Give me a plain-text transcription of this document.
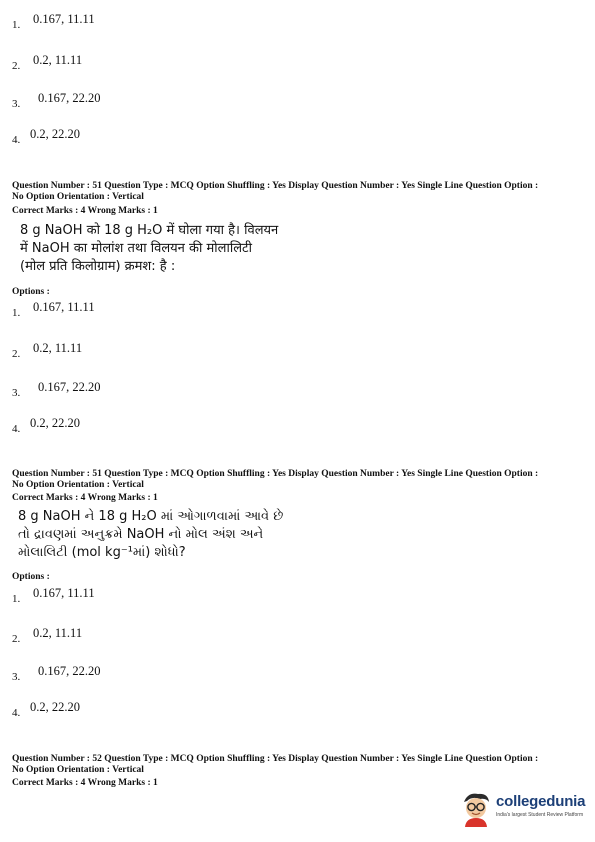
1. 0.167, 11.11
2. 0.2, 11.11
3. 0.167, 22.20
4. 0.2, 22.20
Question Number : 51 Question Type : MCQ Option Shuffling : Yes Display Question Number : Yes Single Line Question Option :
No Option Orientation : Vertical
Correct Marks : 4 Wrong Marks : 1
8 g NaOH को 18 g H₂O में घोला गया है। विलयन
में NaOH का मोलांश तथा विलयन की मोलालिटी
(मोल प्रति किलोग्राम) क्रमश: है :
Options :
1. 0.167, 11.11
2. 0.2, 11.11
3. 0.167, 22.20
4. 0.2, 22.20
Question Number : 51 Question Type : MCQ Option Shuffling : Yes Display Question Number : Yes Single Line Question Option :
No Option Orientation : Vertical
Correct Marks : 4 Wrong Marks : 1
8 g NaOH ને 18 g H₂O માં ઓગાળવામાં આવે છે
તો દ્રાવણમાં અનુક્રમે NaOH નો મોલ અંશ અને
મોલાલિટી (mol kg⁻¹માં) શોધો?
Options :
1. 0.167, 11.11
2. 0.2, 11.11
3. 0.167, 22.20
4. 0.2, 22.20
Question Number : 52 Question Type : MCQ Option Shuffling : Yes Display Question Number : Yes Single Line Question Option :
No Option Orientation : Vertical
Correct Marks : 4 Wrong Marks : 1
collegedunia
India's largest Student Review Platform
